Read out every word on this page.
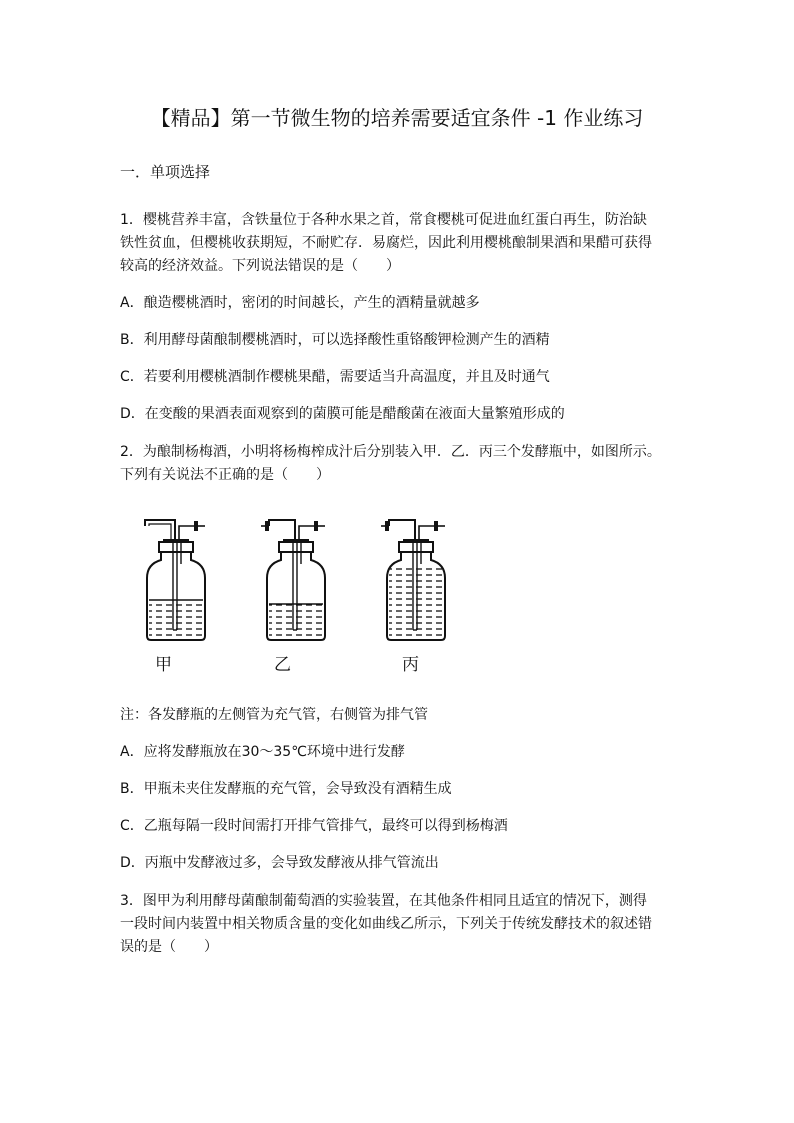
【精品】第一节微生物的培养需要适宜条件 -1 作业练习
一．单项选择
1．樱桃营养丰富，含铁量位于各种水果之首，常食樱桃可促进血红蛋白再生，防治缺
铁性贫血，但樱桃收获期短，不耐贮存．易腐烂，因此利用樱桃酿制果酒和果醋可获得
较高的经济效益。下列说法错误的是（　　）
A．酿造樱桃酒时，密闭的时间越长，产生的酒精量就越多
B．利用酵母菌酿制樱桃酒时，可以选择酸性重铬酸钾检测产生的酒精
C．若要利用樱桃酒制作樱桃果醋，需要适当升高温度，并且及时通气
D．在变酸的果酒表面观察到的菌膜可能是醋酸菌在液面大量繁殖形成的
2．为酿制杨梅酒，小明将杨梅榨成汁后分别装入甲．乙．丙三个发酵瓶中，如图所示。
下列有关说法不正确的是（　　）
甲	乙	丙
注：各发酵瓶的左侧管为充气管，右侧管为排气管
A．应将发酵瓶放在30～35℃环境中进行发酵
B．甲瓶未夹住发酵瓶的充气管，会导致没有酒精生成
C．乙瓶每隔一段时间需打开排气管排气，最终可以得到杨梅酒
D．丙瓶中发酵液过多，会导致发酵液从排气管流出
3．图甲为利用酵母菌酿制葡萄酒的实验装置，在其他条件相同且适宜的情况下，测得
一段时间内装置中相关物质含量的变化如曲线乙所示，下列关于传统发酵技术的叙述错
误的是（　　）
